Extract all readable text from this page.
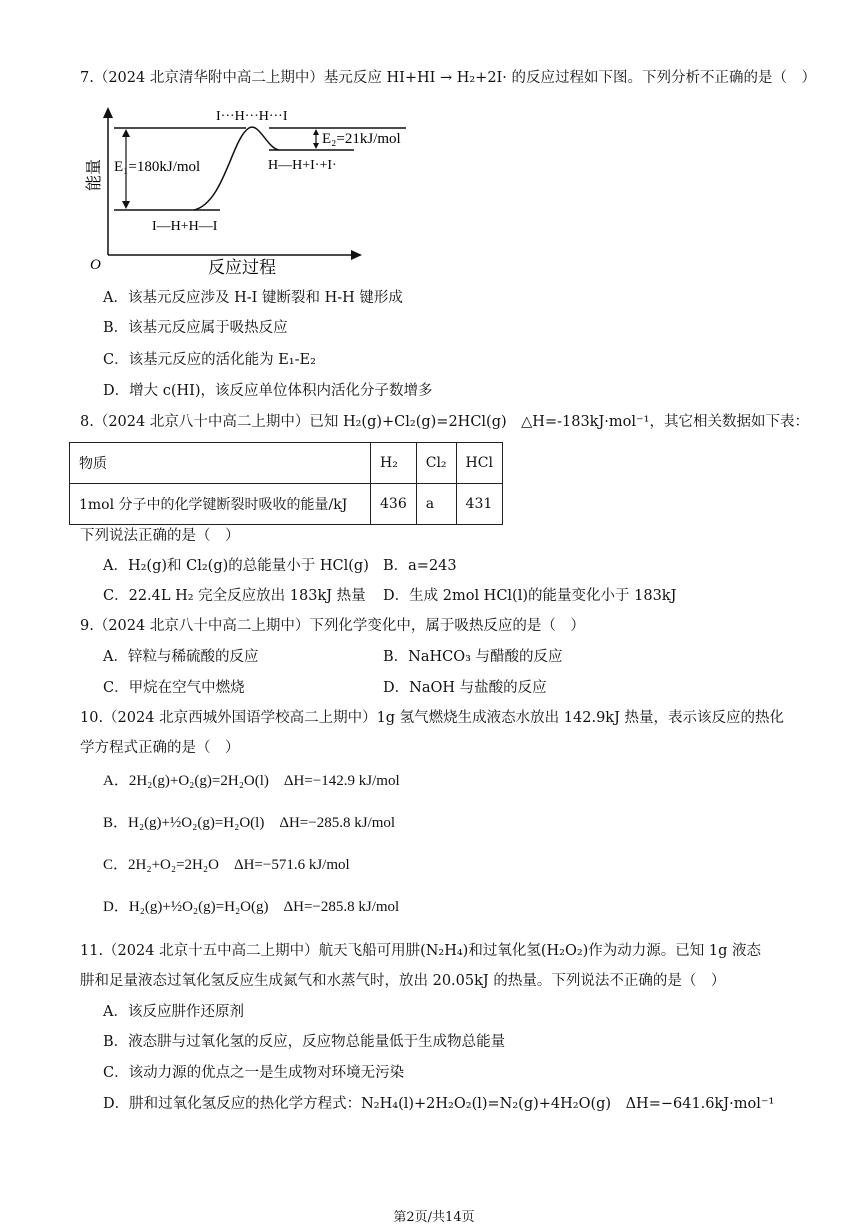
7.（2024 北京清华附中高二上期中）基元反应 HI+HI → H₂+2I· 的反应过程如下图。下列分析不正确的是（　）
能量
反应过程
O
I···H···H···I
E₁=180kJ/mol
E₂=21kJ/mol
I—H+H—I
H—H+I·+I·
A．该基元反应涉及 H-I 键断裂和 H-H 键形成
B．该基元反应属于吸热反应
C．该基元反应的活化能为 E₁-E₂
D．增大 c(HI)，该反应单位体积内活化分子数增多
8.（2024 北京八十中高二上期中）已知 H₂(g)+Cl₂(g)=2HCl(g)　△H=-183kJ·mol⁻¹，其它相关数据如下表：
物质	H₂	Cl₂	HCl
1mol 分子中的化学键断裂时吸收的能量/kJ	436	a	431
下列说法正确的是（　）
A．H₂(g)和 Cl₂(g)的总能量小于 HCl(g) B．a=243
C．22.4L H₂ 完全反应放出 183kJ 热量 D．生成 2mol HCl(l)的能量变化小于 183kJ
9.（2024 北京八十中高二上期中）下列化学变化中，属于吸热反应的是（　）
A．锌粒与稀硫酸的反应	B．NaHCO₃ 与醋酸的反应
C．甲烷在空气中燃烧	D．NaOH 与盐酸的反应
10.（2024 北京西城外国语学校高二上期中）1g 氢气燃烧生成液态水放出 142.9kJ 热量，表示该反应的热化
学方程式正确的是（　）
A．2H₂(g)+O₂(g)=2H₂O(l)　ΔH=−142.9 kJ/mol
B．H₂(g)+½O₂(g)=H₂O(l)　ΔH=−285.8 kJ/mol
C．2H₂+O₂=2H₂O　ΔH=−571.6 kJ/mol
D．H₂(g)+½O₂(g)=H₂O(g)　ΔH=−285.8 kJ/mol
11.（2024 北京十五中高二上期中）航天飞船可用肼(N₂H₄)和过氧化氢(H₂O₂)作为动力源。已知 1g 液态
肼和足量液态过氧化氢反应生成氮气和水蒸气时，放出 20.05kJ 的热量。下列说法不正确的是（　）
A．该反应肼作还原剂
B．液态肼与过氧化氢的反应，反应物总能量低于生成物总能量
C．该动力源的优点之一是生成物对环境无污染
D．肼和过氧化氢反应的热化学方程式：N₂H₄(l)+2H₂O₂(l)=N₂(g)+4H₂O(g)　ΔH=−641.6kJ·mol⁻¹
第2页/共14页
